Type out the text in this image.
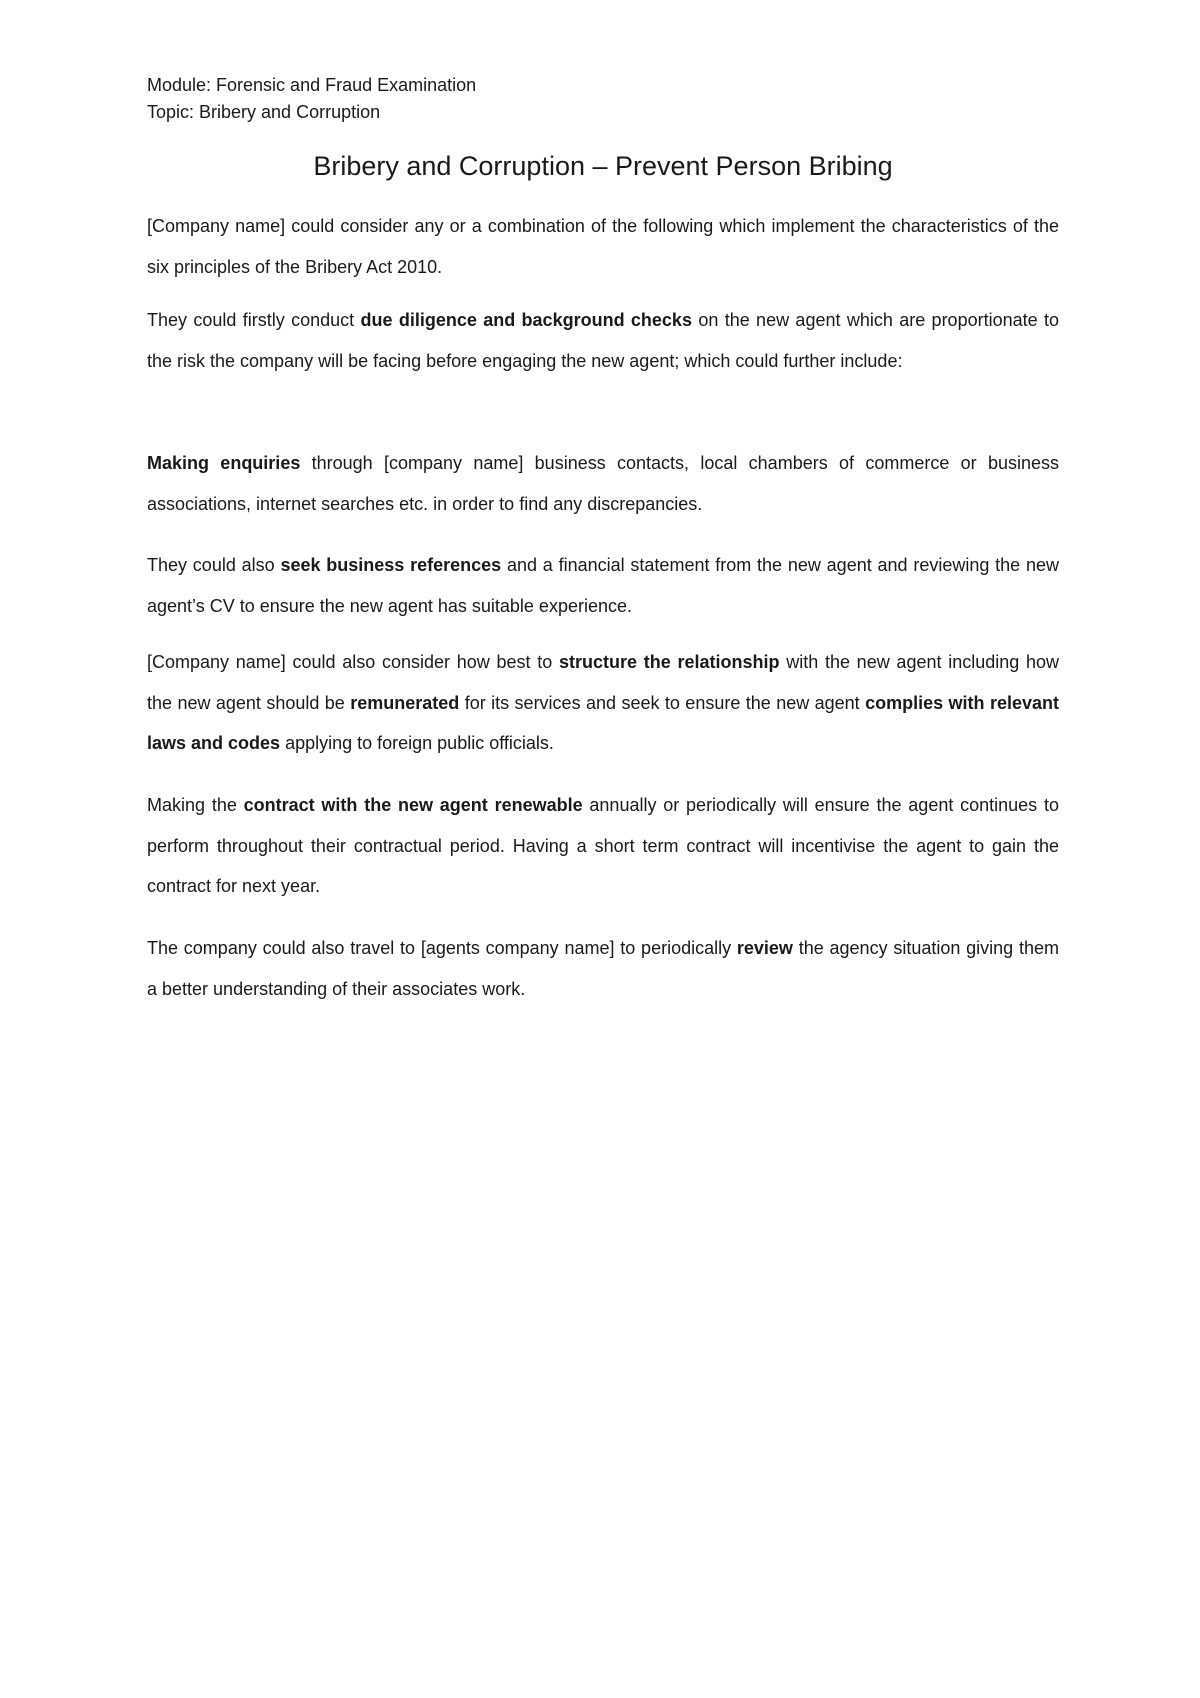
Module: Forensic and Fraud Examination
Topic: Bribery and Corruption
Bribery and Corruption – Prevent Person Bribing

[Company name] could consider any or a combination of the following which implement the characteristics of the six principles of the Bribery Act 2010.

They could firstly conduct due diligence and background checks on the new agent which are proportionate to the risk the company will be facing before engaging the new agent; which could further include:

Making enquiries through [company name] business contacts, local chambers of commerce or business associations, internet searches etc. in order to find any discrepancies.

They could also seek business references and a financial statement from the new agent and reviewing the new agent’s CV to ensure the new agent has suitable experience.

[Company name] could also consider how best to structure the relationship with the new agent including how the new agent should be remunerated for its services and seek to ensure the new agent complies with relevant laws and codes applying to foreign public officials.

Making the contract with the new agent renewable annually or periodically will ensure the agent continues to perform throughout their contractual period. Having a short term contract will incentivise the agent to gain the contract for next year.

The company could also travel to [agents company name] to periodically review the agency situation giving them a better understanding of their associates work.
